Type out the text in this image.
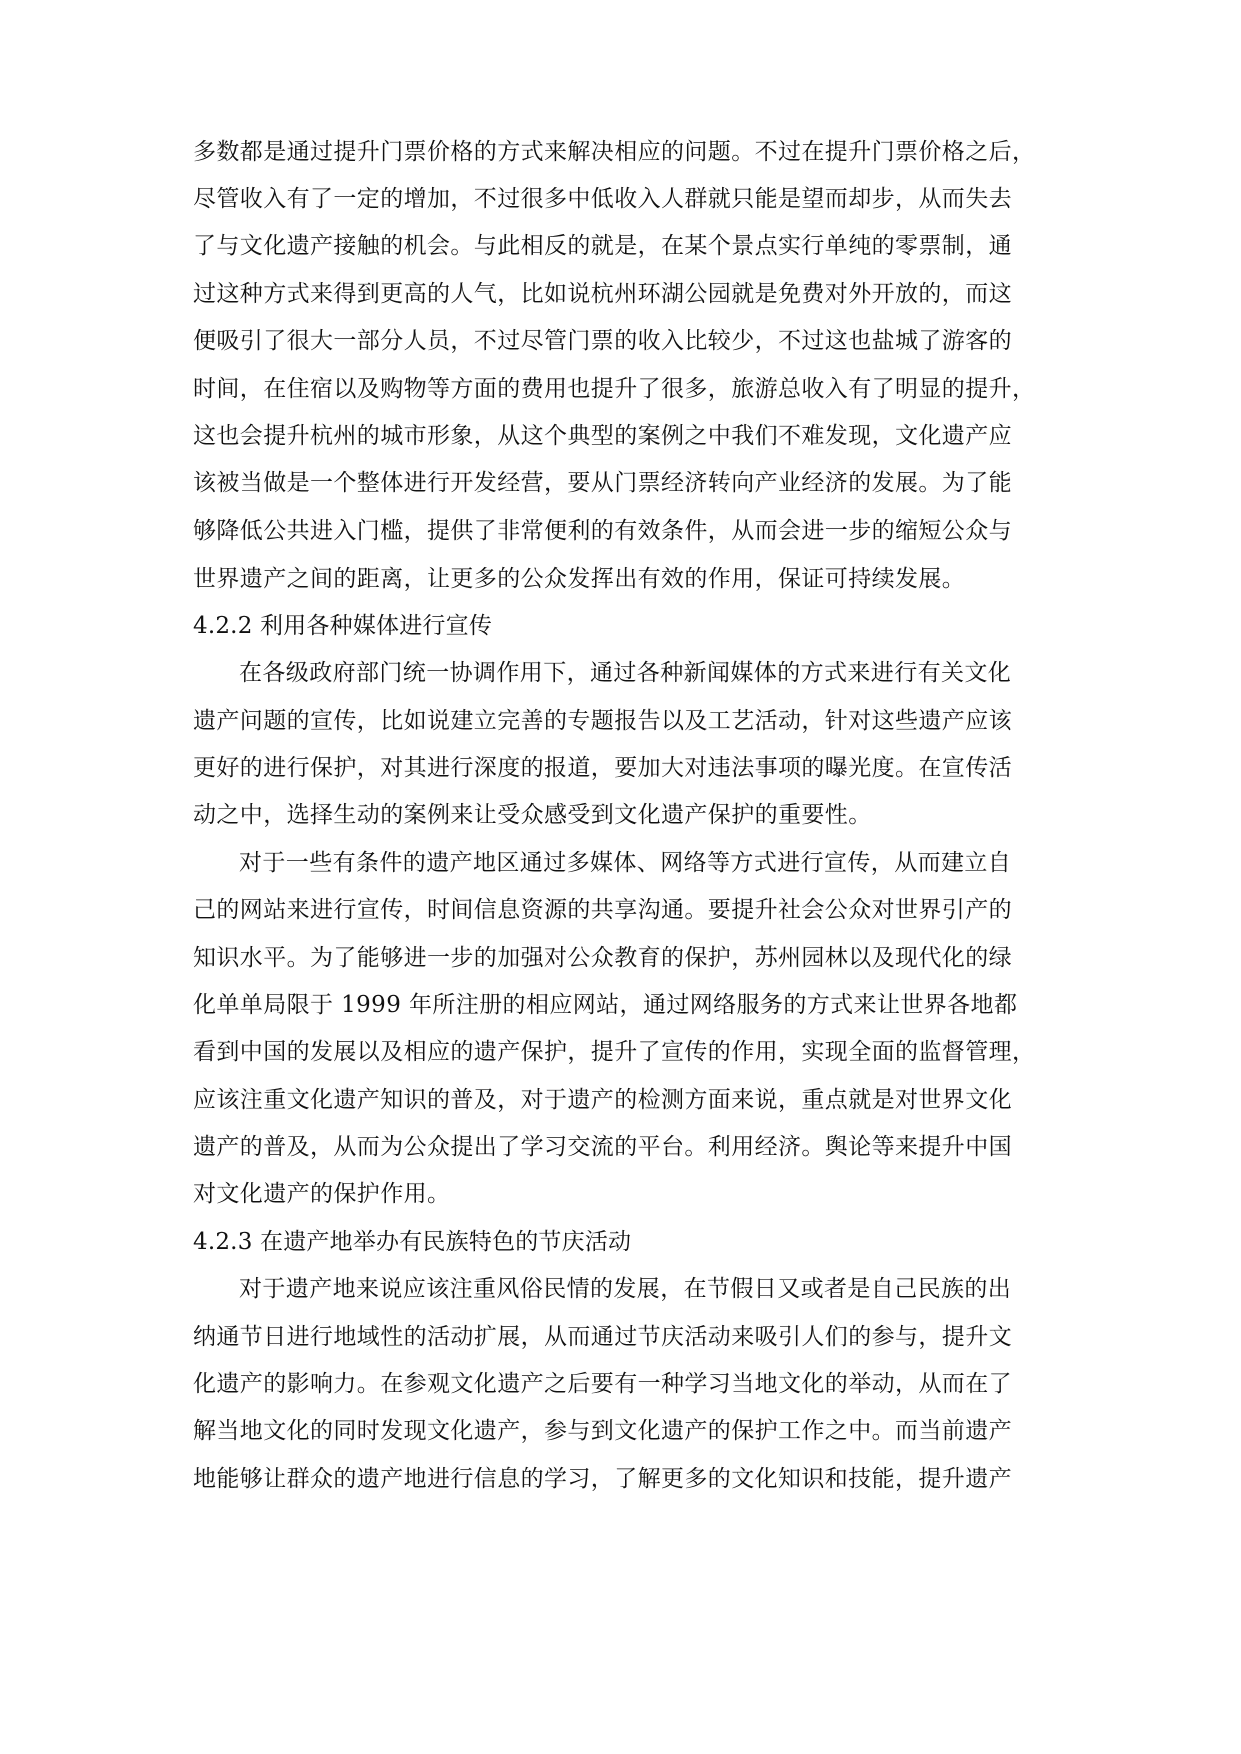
多数都是通过提升门票价格的方式来解决相应的问题。不过在提升门票价格之后，
尽管收入有了一定的增加，不过很多中低收入人群就只能是望而却步，从而失去
了与文化遗产接触的机会。与此相反的就是，在某个景点实行单纯的零票制，通
过这种方式来得到更高的人气，比如说杭州环湖公园就是免费对外开放的，而这
便吸引了很大一部分人员，不过尽管门票的收入比较少，不过这也盐城了游客的
时间，在住宿以及购物等方面的费用也提升了很多，旅游总收入有了明显的提升，
这也会提升杭州的城市形象，从这个典型的案例之中我们不难发现，文化遗产应
该被当做是一个整体进行开发经营，要从门票经济转向产业经济的发展。为了能
够降低公共进入门槛，提供了非常便利的有效条件，从而会进一步的缩短公众与
世界遗产之间的距离，让更多的公众发挥出有效的作用，保证可持续发展。
4.2.2 利用各种媒体进行宣传
在各级政府部门统一协调作用下，通过各种新闻媒体的方式来进行有关文化
遗产问题的宣传，比如说建立完善的专题报告以及工艺活动，针对这些遗产应该
更好的进行保护，对其进行深度的报道，要加大对违法事项的曝光度。在宣传活
动之中，选择生动的案例来让受众感受到文化遗产保护的重要性。
对于一些有条件的遗产地区通过多媒体、网络等方式进行宣传，从而建立自
己的网站来进行宣传，时间信息资源的共享沟通。要提升社会公众对世界引产的
知识水平。为了能够进一步的加强对公众教育的保护，苏州园林以及现代化的绿
化单单局限于 1999 年所注册的相应网站，通过网络服务的方式来让世界各地都
看到中国的发展以及相应的遗产保护，提升了宣传的作用，实现全面的监督管理，
应该注重文化遗产知识的普及，对于遗产的检测方面来说，重点就是对世界文化
遗产的普及，从而为公众提出了学习交流的平台。利用经济。舆论等来提升中国
对文化遗产的保护作用。
4.2.3 在遗产地举办有民族特色的节庆活动
对于遗产地来说应该注重风俗民情的发展，在节假日又或者是自己民族的出
纳通节日进行地域性的活动扩展，从而通过节庆活动来吸引人们的参与，提升文
化遗产的影响力。在参观文化遗产之后要有一种学习当地文化的举动，从而在了
解当地文化的同时发现文化遗产，参与到文化遗产的保护工作之中。而当前遗产
地能够让群众的遗产地进行信息的学习，了解更多的文化知识和技能，提升遗产
